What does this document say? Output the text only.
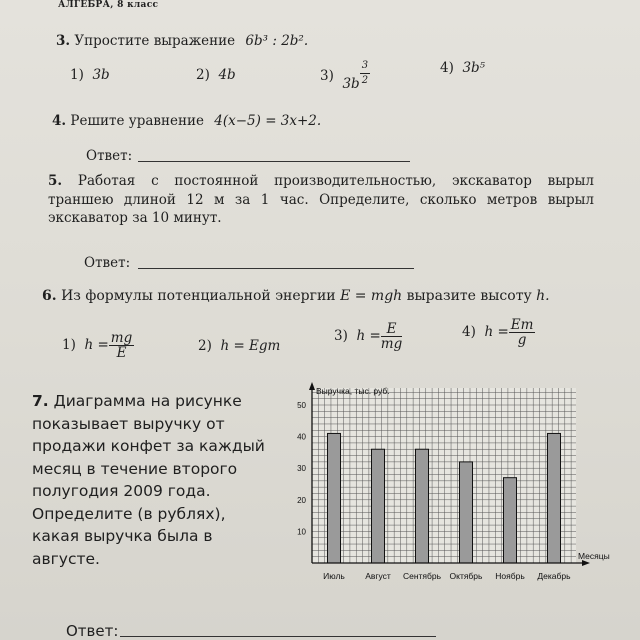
АЛГЕБРА, 8 класс
3. Упростите выражение 6b³ : 2b².
1) 3b	2) 4b	3) $3b \frac{3}{2}$	4) 3b⁵
4. Решите уравнение 4(x−5) = 3x+2.
Ответ:
5. Работая с постоянной производительностью, экскаватор вырыл траншею длиной 12 м за 1 час. Определите, сколько метров вырыл экскаватор за 10 минут.
Ответ:
6. Из формулы потенциальной энергии E = mgh выразите высоту h.
1) $h = \frac{mg}{E}$	2) h = Egm
3) $h = \frac{E}{mg}$	4) $h = \frac{Em}{g}$
7. Диаграмма на рисунке показывает выручку от продажи конфет за каждый месяц в течение второго полугодия 2009 года. Определите (в рублях), какая выручка была в августе.
Июль Август Сентябрь Октябрь Ноябрь Декабрь
10
20
30
40
50
Выручка, тыс. руб.
Месяцы
Ответ:
